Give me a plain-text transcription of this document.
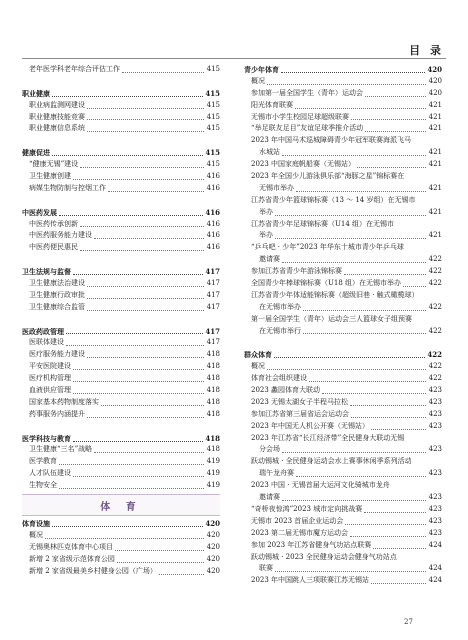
目 录
老年医学科老年综合评估工作	415
职业健康	415
职业病监测网建设	415
职业健康技能竞赛	415
职业健康信息系统	415
健康促进	415
“健康无锡”建设	415
卫生健康创建	416
病媒生物防制与控烟工作	416
中医药发展	416
中医药传承创新	416
中医药服务能力建设	416
中医药便民惠民	416
卫生法规与监督	417
卫生健康法治建设	417
卫生健康行政审批	417
卫生健康综合监管	417
医政药政管理	417
医联体建设	417
医疗服务能力建设	418
平安医院建设	418
医疗机构管理	418
血液供应管理	418
国家基本药物制度落实	418
药事服务内涵提升	418
医学科技与教育	418
卫生健康“三名”战略	418
医学教育	419
人才队伍建设	419
生物安全	419
体 育
体育设施	420
概况	420
无锡奥林匹克体育中心项目	420
新增 2 家省级示范体育公园	420
新增 2 家省级最美乡村健身公园（广场）	420
青少年体育	420
概况	420
参加第一届全国学生（青年）运动会	420
阳光体育联赛	421
无锡市小学生校园足球超级联赛	421
“举足联友足目”友谊足球季推介活动	421
2023 年中国马术巡城障碍青少年冠军联赛海派飞马
水城站	421
2023 中国家庭帆船赛（无锡站）	421
2023 年全国少儿游泳俱乐部“海豚之星”锦标赛在
无锡市举办	421
江苏省青少年篮球锦标赛（13 ～ 14 岁组）在无锡市
举办	421
江苏省青少年足球锦标赛（U14 组）在无锡市
举办	421
“乒乓吧 · 少年”2023 年华东十城市青少年乒乓球
邀请赛	422
参加江苏省青少年游泳锦标赛	422
全国青少年棒球锦标赛（U18 组）在无锡市举办	422
江苏省青少年体适能锦标赛（超级旧巷 · 触式橄榄球）
在无锡市举办	422
第一届全国学生（青年）运动会三人篮球女子组预赛
在无锡市举行	422
群众体育	422
概况	422
体育社会组织建设	422
2023 蠡园体育大联动	423
2023 无锡太湖女子半程马拉松	423
参加江苏省第三届省运会运动会	423
2023 年中国无人机公开赛（无锡站）	423
2023 年江苏省“长江经济带”全民健身大联动无锡
分会场	423
跃动锡城 · 全民健身运动会水上赛事休闲季系列活动
瑞午龙舟赛	423
2023 中国 · 无锡首届大运河文化骑城市龙舟
邀请赛	423
“奇桥夜惊鸿”2023 城市定向挑战赛	423
无锡市 2023 首届企业运动会	423
2023 第二届无锡市魔方运动会	423
参加 2023 年江苏省健身气功站点联赛	424
跃动锡城 · 2023 全民健身运动会健身气功站点
联赛	424
2023 年中国跳人三项联赛江苏无锡站	424
27
